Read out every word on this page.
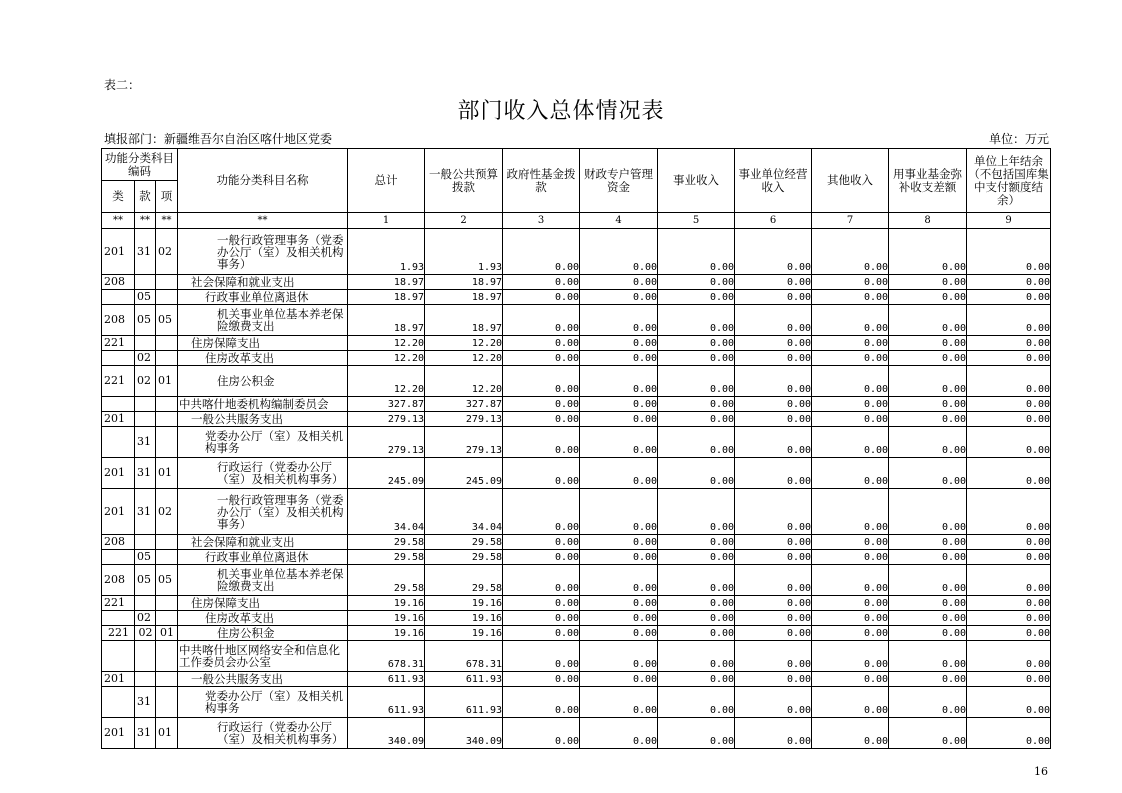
表二：
部门收入总体情况表
填报部门：新疆维吾尔自治区喀什地区党委	单位：万元
功能分类科目编码			功能分类科目名称	总计	一般公共预算拨款	政府性基金拨款	财政专户管理资金	事业收入	事业单位经营收入	其他收入	用事业基金弥补收支差额	单位上年结余（不包括国库集中支付额度结余）
类	款	项										
**	**	**	**	1	2	3	4	5	6	7	8	9
201	31	02	一般行政管理事务（党委办公厅（室）及相关机构事务）	1.93	1.93	0.00	0.00	0.00	0.00	0.00	0.00	0.00
208			社会保障和就业支出	18.97	18.97	0.00	0.00	0.00	0.00	0.00	0.00	0.00
	05		行政事业单位离退休	18.97	18.97	0.00	0.00	0.00	0.00	0.00	0.00	0.00
208	05	05	机关事业单位基本养老保险缴费支出	18.97	18.97	0.00	0.00	0.00	0.00	0.00	0.00	0.00
221			住房保障支出	12.20	12.20	0.00	0.00	0.00	0.00	0.00	0.00	0.00
	02		住房改革支出	12.20	12.20	0.00	0.00	0.00	0.00	0.00	0.00	0.00
221	02	01	住房公积金	12.20	12.20	0.00	0.00	0.00	0.00	0.00	0.00	0.00

			中共喀什地委机构编制委员会	327.87	327.87	0.00	0.00	0.00	0.00	0.00	0.00	0.00
201			一般公共服务支出	279.13	279.13	0.00	0.00	0.00	0.00	0.00	0.00	0.00
	31		党委办公厅（室）及相关机构事务	279.13	279.13	0.00	0.00	0.00	0.00	0.00	0.00	0.00
201	31	01	行政运行（党委办公厅（室）及相关机构事务）	245.09	245.09	0.00	0.00	0.00	0.00	0.00	0.00	0.00
201	31	02	一般行政管理事务（党委办公厅（室）及相关机构事务）	34.04	34.04	0.00	0.00	0.00	0.00	0.00	0.00	0.00
208			社会保障和就业支出	29.58	29.58	0.00	0.00	0.00	0.00	0.00	0.00	0.00
	05		行政事业单位离退休	29.58	29.58	0.00	0.00	0.00	0.00	0.00	0.00	0.00
208	05	05	机关事业单位基本养老保险缴费支出	29.58	29.58	0.00	0.00	0.00	0.00	0.00	0.00	0.00
221			住房保障支出	19.16	19.16	0.00	0.00	0.00	0.00	0.00	0.00	0.00
	02		住房改革支出	19.16	19.16	0.00	0.00	0.00	0.00	0.00	0.00	0.00
221	02	01	住房公积金	19.16	19.16	0.00	0.00	0.00	0.00	0.00	0.00	0.00

			中共喀什地区网络安全和信息化工作委员会办公室	678.31	678.31	0.00	0.00	0.00	0.00	0.00	0.00	0.00
201			一般公共服务支出	611.93	611.93	0.00	0.00	0.00	0.00	0.00	0.00	0.00
	31		党委办公厅（室）及相关机构事务	611.93	611.93	0.00	0.00	0.00	0.00	0.00	0.00	0.00
201	31	01	行政运行（党委办公厅（室）及相关机构事务）	340.09	340.09	0.00	0.00	0.00	0.00	0.00	0.00	0.00
16
